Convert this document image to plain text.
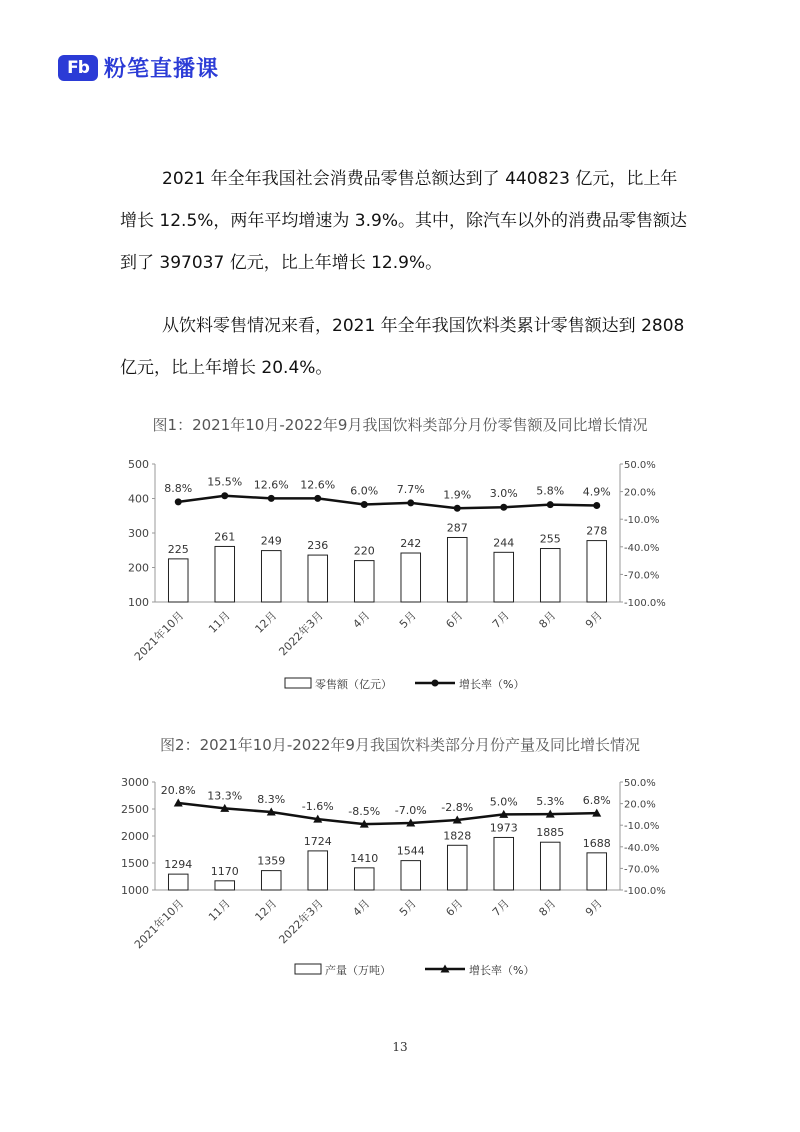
Fb 粉笔直播课
2021 年全年我国社会消费品零售总额达到了 440823 亿元，比上年增长 12.5%，两年平均增速为 3.9%。其中，除汽车以外的消费品零售额达到了 397037 亿元，比上年增长 12.9%。
从饮料零售情况来看，2021 年全年我国饮料类累计零售额达到 2808 亿元，比上年增长 20.4%。
图1：2021年10月-2022年9月我国饮料类部分月份零售额及同比增长情况
100
200
300
400
500
-100.0%
-70.0%
-40.0%
-10.0%
20.0%
50.0%
225
261 249 236 220
242
287
244 255
278
8.8% 15.5% 12.6% 12.6% 6.0% 7.7% 1.9% 3.0% 5.8% 4.9%
2021年10月 11月 12月
2022年3月 4月 5月 6月 7月 8月 9月
零售额（亿元）	增长率（%）
图2：2021年10月-2022年9月我国饮料类部分月份产量及同比增长情况
1000
1500
2000
2500
3000
-100.0%
-70.0%
-40.0%
-10.0%
20.0%
50.0%
1294
1170
1359
1724
1410
1544
1828
1973 1885
1688
20.8% 13.3% 8.3%
-1.6% -8.5% -7.0% -2.8% 5.0% 5.3% 6.8%
2021年10月 11月 12月
2022年3月 4月 5月 6月 7月 8月 9月
产量（万吨）	增长率（%）
13
